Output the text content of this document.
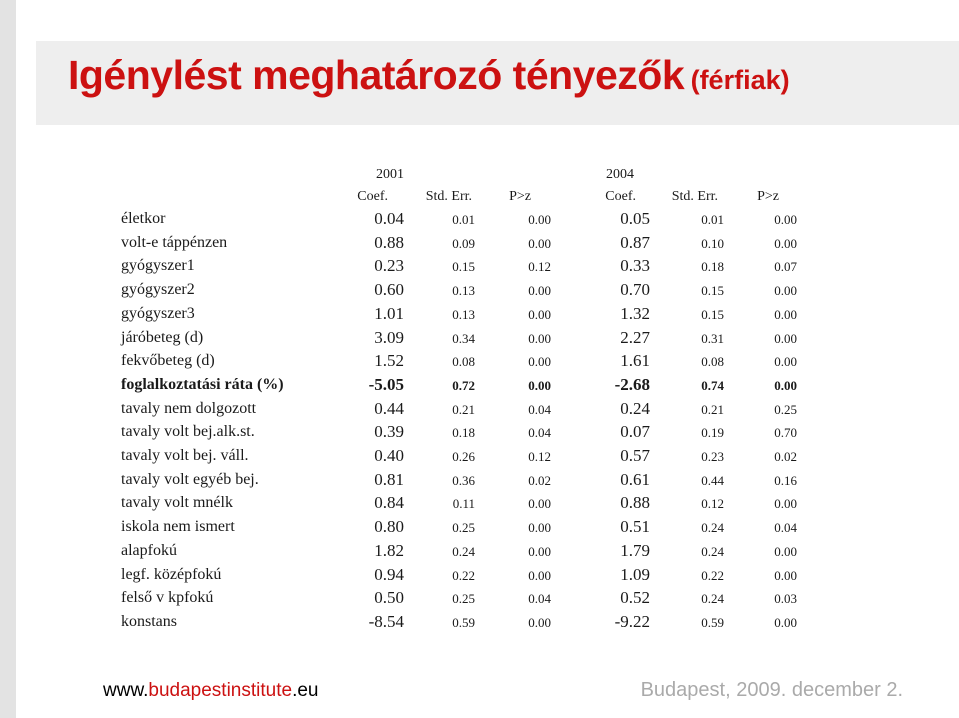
Igénylést meghatározó tényezők (férfiak)
2001	2004
Coef.	Std. Err.	P>z	Coef.	Std. Err.	P>z
életkor	0.04	0.01	0.00	0.05	0.01	0.00
volt-e táppénzen	0.88	0.09	0.00	0.87	0.10	0.00
gyógyszer1	0.23	0.15	0.12	0.33	0.18	0.07
gyógyszer2	0.60	0.13	0.00	0.70	0.15	0.00
gyógyszer3	1.01	0.13	0.00	1.32	0.15	0.00
járóbeteg (d)	3.09	0.34	0.00	2.27	0.31	0.00
fekvőbeteg (d)	1.52	0.08	0.00	1.61	0.08	0.00
foglalkoztatási ráta (%)	-5.05	0.72	0.00	-2.68	0.74	0.00
tavaly nem dolgozott	0.44	0.21	0.04	0.24	0.21	0.25
tavaly volt bej.alk.st.	0.39	0.18	0.04	0.07	0.19	0.70
tavaly volt bej. váll.	0.40	0.26	0.12	0.57	0.23	0.02
tavaly volt egyéb bej.	0.81	0.36	0.02	0.61	0.44	0.16
tavaly volt mnélk	0.84	0.11	0.00	0.88	0.12	0.00
iskola nem ismert	0.80	0.25	0.00	0.51	0.24	0.04
alapfokú	1.82	0.24	0.00	1.79	0.24	0.00
legf. középfokú	0.94	0.22	0.00	1.09	0.22	0.00
felső v kpfokú	0.50	0.25	0.04	0.52	0.24	0.03
konstans	-8.54	0.59	0.00	-9.22	0.59	0.00
www.budapestinstitute.eu	Budapest, 2009. december 2.
